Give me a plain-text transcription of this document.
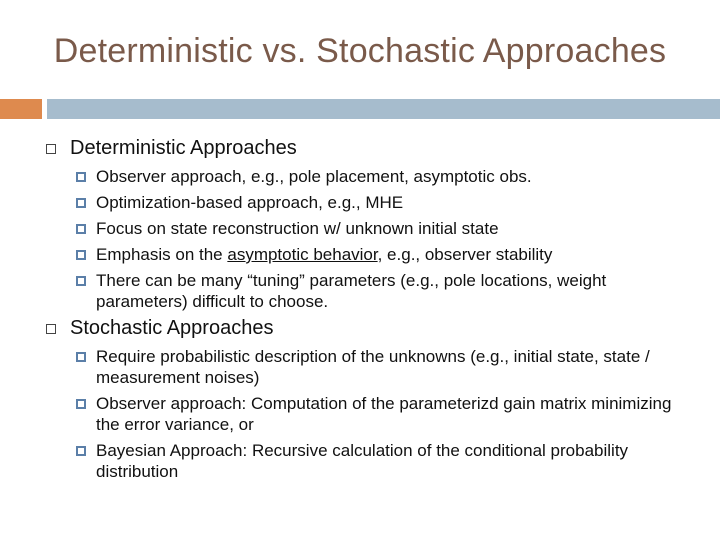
Deterministic vs. Stochastic Approaches
Deterministic Approaches
Observer approach, e.g., pole placement, asymptotic obs.
Optimization-based approach, e.g., MHE
Focus on state reconstruction w/ unknown initial state
Emphasis on the asymptotic behavior, e.g., observer stability
There can be many “tuning” parameters (e.g., pole locations, weight parameters) difficult to choose.
Stochastic Approaches
Require probabilistic description of the unknowns (e.g., initial state, state / measurement noises)
Observer approach: Computation of the parameterizd gain matrix minimizing the error variance, or
Bayesian Approach: Recursive calculation of the conditional probability distribution
